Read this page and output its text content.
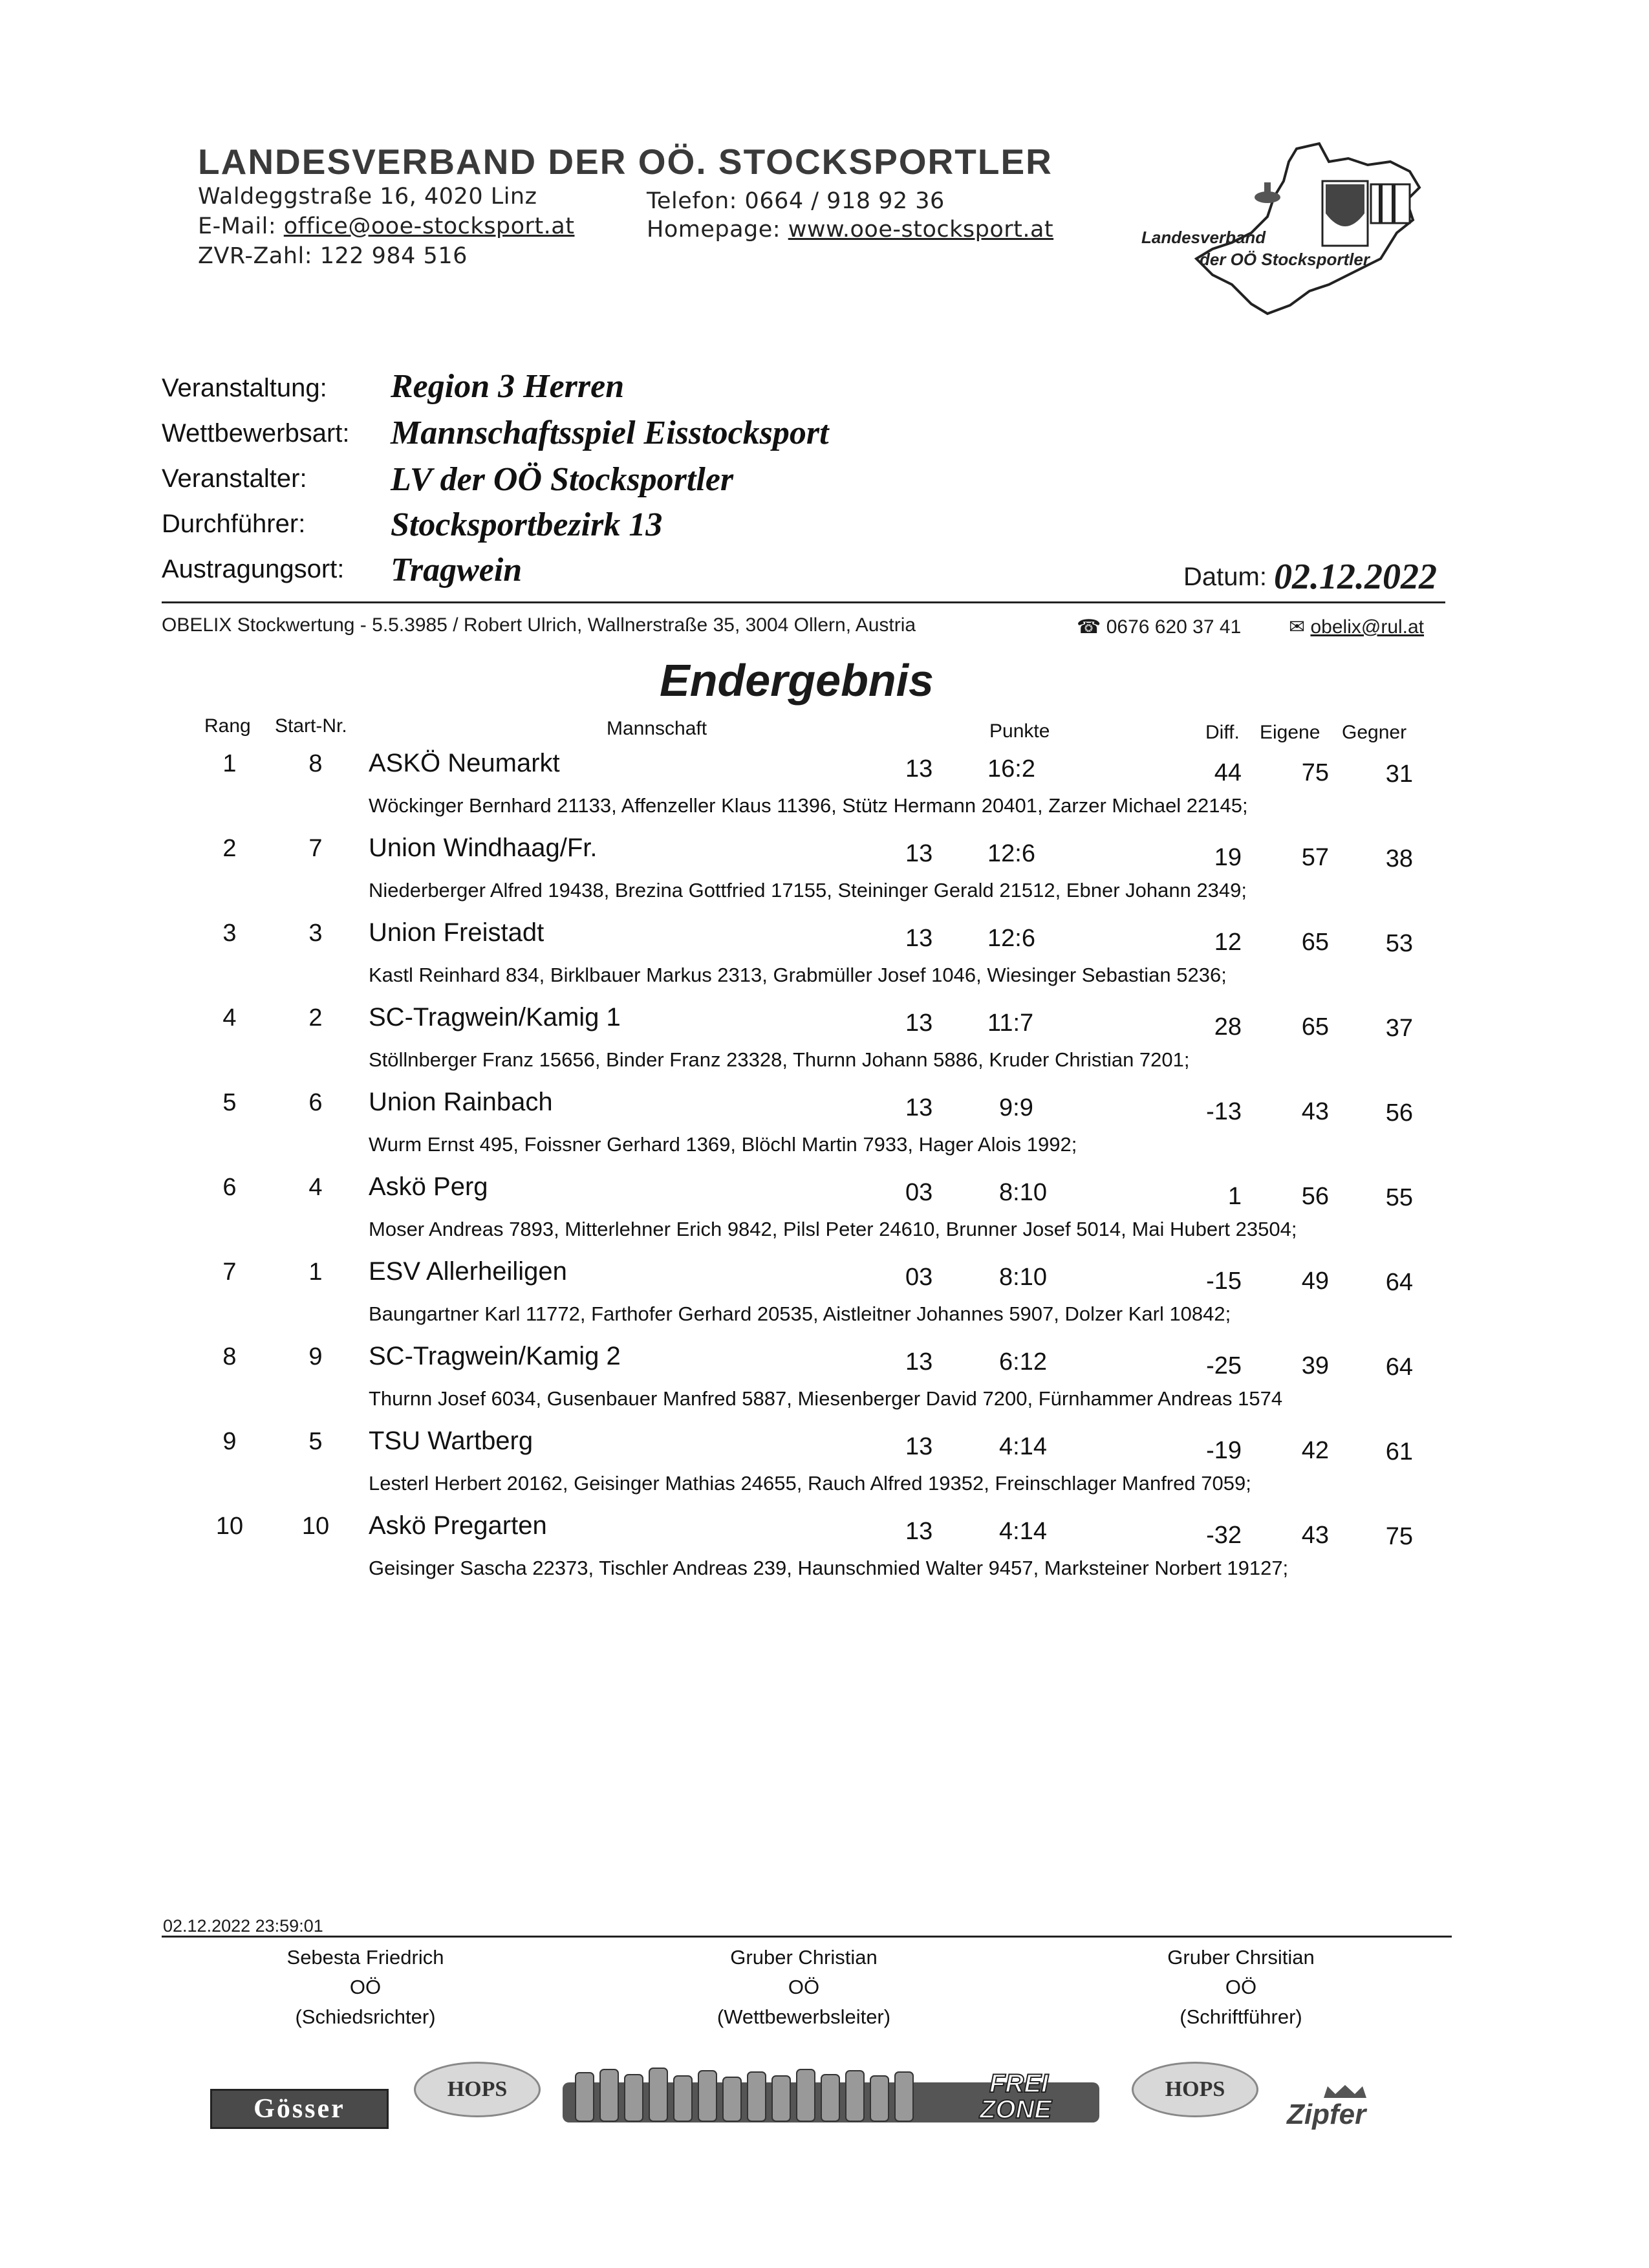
LANDESVERBAND DER OÖ. STOCKSPORTLER
Waldeggstraße 16, 4020 Linz	Telefon: 0664 / 918 92 36
E-Mail: office@ooe-stocksport.at	Homepage: www.ooe-stocksport.at
ZVR-Zahl: 122 984 516
Landesverband
der OÖ Stocksportler
Veranstaltung: Region 3 Herren
Wettbewerbsart: Mannschaftsspiel Eisstocksport
Veranstalter: LV der OÖ Stocksportler
Durchführer:	Stocksportbezirk 13
Austragungsort: Tragwein	Datum: 02.12.2022
OBELIX Stockwertung - 5.5.3985 / Robert Ulrich, Wallnerstraße 35, 3004 Ollern, Austria	☎ 0676 620 37 41 ✉ obelix@rul.at
Endergebnis
Rang Start-Nr.	Mannschaft	Punkte	Diff. Eigene Gegner
1	8	ASKÖ Neumarkt	13 16:2	44	75	31
Wöckinger Bernhard 21133, Affenzeller Klaus 11396, Stütz Hermann 20401, Zarzer Michael 22145;
2	7	Union Windhaag/Fr.	13 12:6	19	57	38
Niederberger Alfred 19438, Brezina Gottfried 17155, Steininger Gerald 21512, Ebner Johann 2349;
3	3	Union Freistadt	13 12:6	12	65	53
Kastl Reinhard 834, Birklbauer Markus 2313, Grabmüller Josef 1046, Wiesinger Sebastian 5236;
4	2	SC-Tragwein/Kamig 1	13 11:7	28	65	37
Stöllnberger Franz 15656, Binder Franz 23328, Thurnn Johann 5886, Kruder Christian 7201;
5	6	Union Rainbach	13	9:9	-13	43	56
Wurm Ernst 495, Foissner Gerhard 1369, Blöchl Martin 7933, Hager Alois 1992;
6	4	Askö Perg	03	8:10	1	56	55
Moser Andreas 7893, Mitterlehner Erich 9842, Pilsl Peter 24610, Brunner Josef 5014, Mai Hubert 23504;
7	1	ESV Allerheiligen	03	8:10	-15	49	64
Baungartner Karl 11772, Farthofer Gerhard 20535, Aistleitner Johannes 5907, Dolzer Karl 10842;
8	9	SC-Tragwein/Kamig 2	13	6:12	-25	39	64
Thurnn Josef 6034, Gusenbauer Manfred 5887, Miesenberger David 7200, Fürnhammer Andreas 1574
9	5	TSU Wartberg	13	4:14	-19	42	61
Lesterl Herbert 20162, Geisinger Mathias 24655, Rauch Alfred 19352, Freinschlager Manfred 7059;
10	10	Askö Pregarten	13	4:14	-32	43	75
Geisinger Sascha 22373, Tischler Andreas 239, Haunschmied Walter 9457, Marksteiner Norbert 19127;
02.12.2022 23:59:01
Sebesta Friedrich
OÖ
(Schiedsrichter)
Gruber Christian
OÖ
(Wettbewerbsleiter)
Gruber Chrsitian
OÖ
(Schriftführer)
Gösser
HOPS	FREI
ZONE
HOPS
Zipfer
